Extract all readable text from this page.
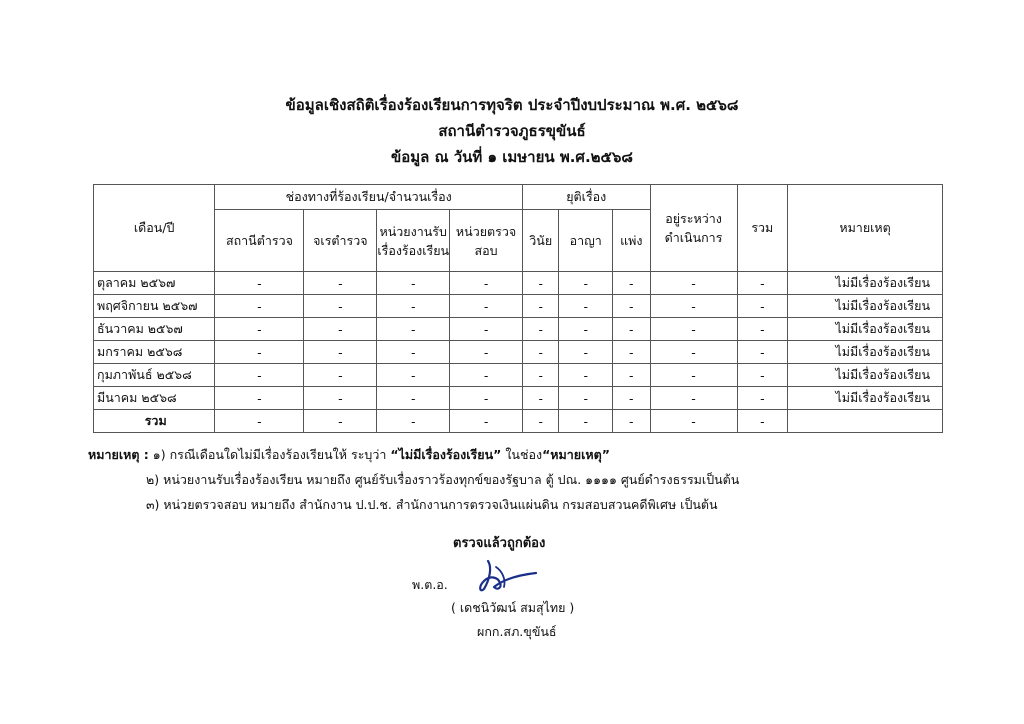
ข้อมูลเชิงสถิติเรื่องร้องเรียนการทุจริต ประจำปีงบประมาณ พ.ศ. ๒๕๖๘
สถานีตำรวจภูธรขุขันธ์
ข้อมูล ณ วันที่ ๑ เมษายน พ.ศ.๒๕๖๘
เดือน/ปี	ช่องทางที่ร้องเรียน/จำนวนเรื่อง				ยุติเรื่อง			อยู่ระหว่างดำเนินการ	รวม	หมายเหตุ
	สถานีตำรวจ	จเรตำรวจ	หน่วยงานรับเรื่องร้องเรียน	หน่วยตรวจสอบ	วินัย	อาญา	แพ่ง			
ตุลาคม ๒๕๖๗	-	-	-	-	-	-	-	-	-	ไม่มีเรื่องร้องเรียน
พฤศจิกายน ๒๕๖๗	-	-	-	-	-	-	-	-	-	ไม่มีเรื่องร้องเรียน
ธันวาคม ๒๕๖๗	-	-	-	-	-	-	-	-	-	ไม่มีเรื่องร้องเรียน
มกราคม ๒๕๖๘	-	-	-	-	-	-	-	-	-	ไม่มีเรื่องร้องเรียน
กุมภาพันธ์ ๒๕๖๘	-	-	-	-	-	-	-	-	-	ไม่มีเรื่องร้องเรียน
มีนาคม ๒๕๖๘	-	-	-	-	-	-	-	-	-	ไม่มีเรื่องร้องเรียน
รวม	-	-	-	-	-	-	-	-	-	
หมายเหตุ : ๑) กรณีเดือนใดไม่มีเรื่องร้องเรียนให้ ระบุว่า “ไม่มีเรื่องร้องเรียน” ในช่อง“หมายเหตุ”
๒) หน่วยงานรับเรื่องร้องเรียน หมายถึง ศูนย์รับเรื่องราวร้องทุกข์ของรัฐบาล ตู้ ปณ. ๑๑๑๑ ศูนย์ดำรงธรรมเป็นต้น
๓) หน่วยตรวจสอบ หมายถึง สำนักงาน ป.ป.ช. สำนักงานการตรวจเงินแผ่นดิน กรมสอบสวนคดีพิเศษ เป็นต้น
ตรวจแล้วถูกต้อง
พ.ต.อ.
( เดชนิวัฒน์ สมสุไทย )
ผกก.สภ.ขุขันธ์
